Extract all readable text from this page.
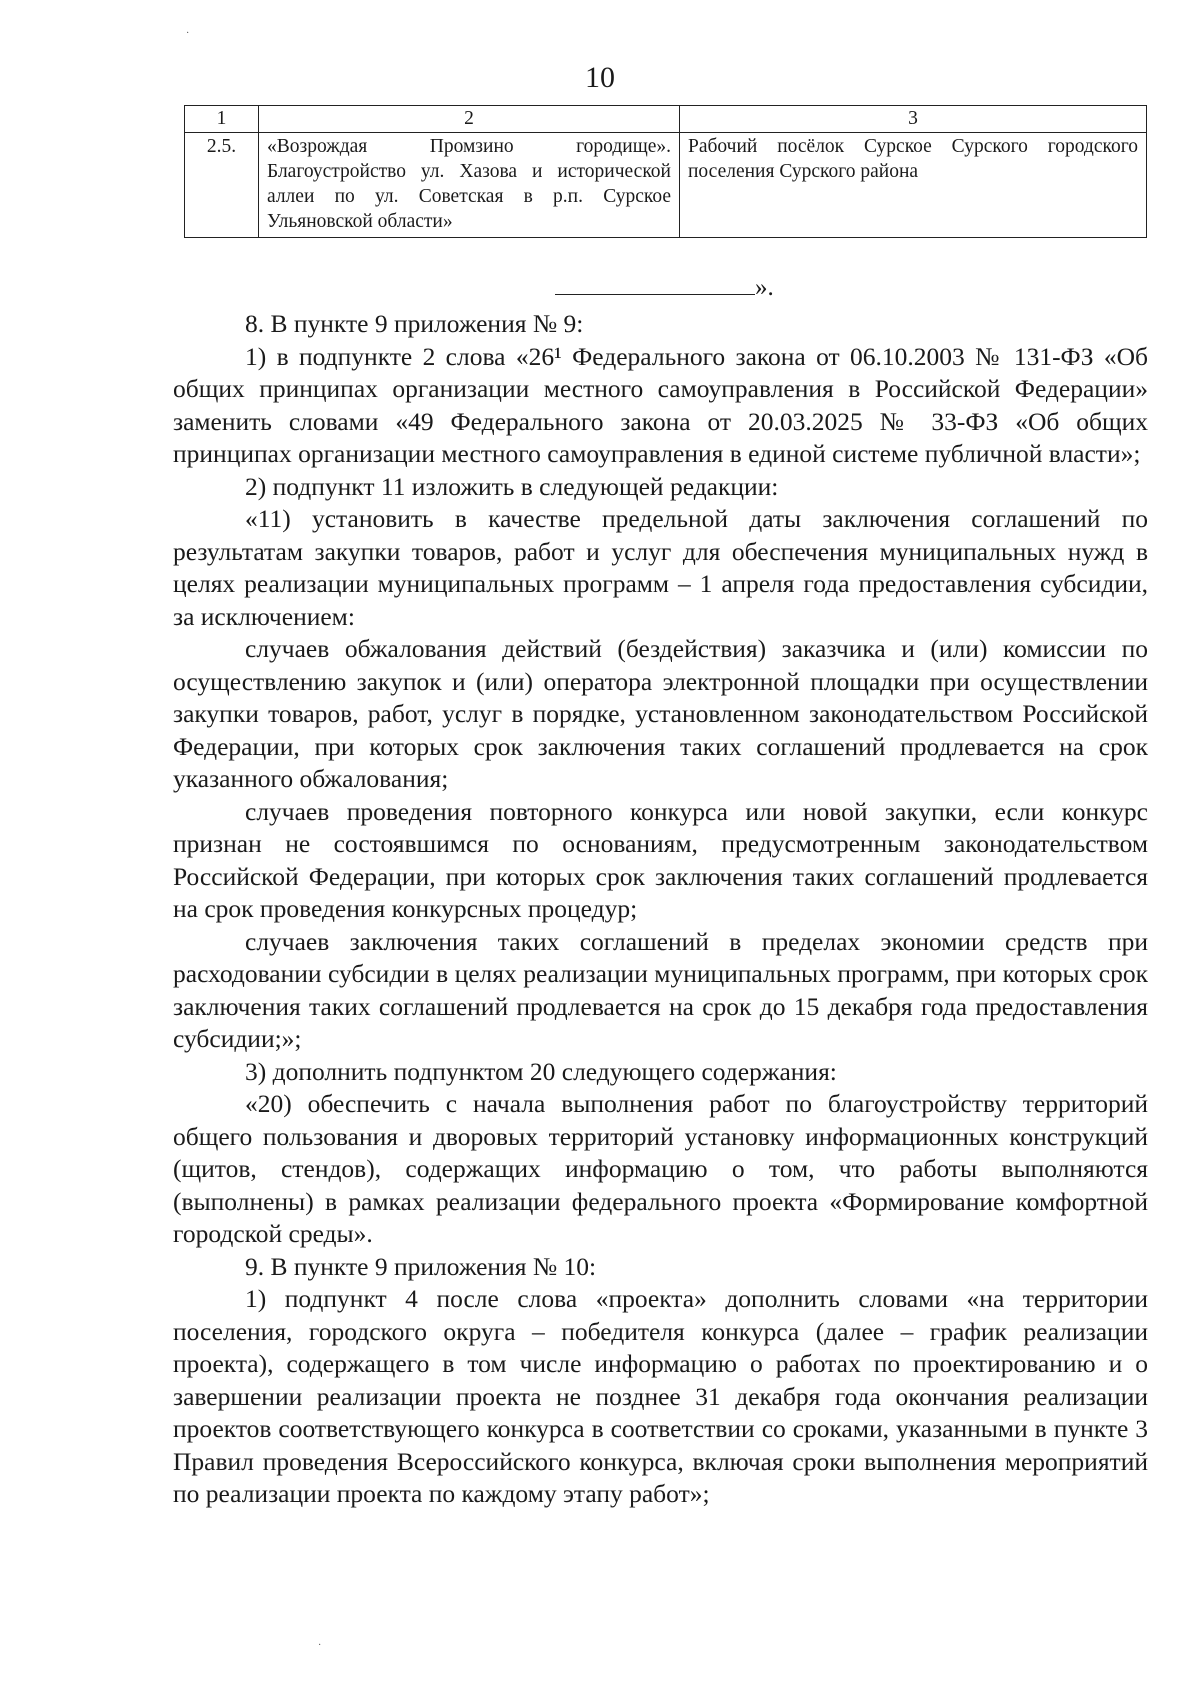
·
·
10
1	2	3
2.5.	«Возрождая Промзино городище». Благоустройство ул. Хазова и исторической аллеи по ул. Советская в р.п. Сурское Ульяновской области»	Рабочий посёлок Сурское Сурского городского поселения Сурского района
».

8. В пункте 9 приложения № 9:

1) в подпункте 2 слова «26¹ Федерального закона от 06.10.2003 № 131-ФЗ «Об общих принципах организации местного самоуправления в Российской Федерации» заменить словами «49 Федерального закона от 20.03.2025 № 33-ФЗ «Об общих принципах организации местного самоуправления в единой системе публичной власти»;

2) подпункт 11 изложить в следующей редакции:

«11) установить в качестве предельной даты заключения соглашений по результатам закупки товаров, работ и услуг для обеспечения муниципальных нужд в целях реализации муниципальных программ – 1 апреля года предоставления субсидии, за исключением:

случаев обжалования действий (бездействия) заказчика и (или) комиссии по осуществлению закупок и (или) оператора электронной площадки при осуществлении закупки товаров, работ, услуг в порядке, установленном законодательством Российской Федерации, при которых срок заключения таких соглашений продлевается на срок указанного обжалования;

случаев проведения повторного конкурса или новой закупки, если конкурс признан не состоявшимся по основаниям, предусмотренным законодательством Российской Федерации, при которых срок заключения таких соглашений продлевается на срок проведения конкурсных процедур;

случаев заключения таких соглашений в пределах экономии средств при расходовании субсидии в целях реализации муниципальных программ, при которых срок заключения таких соглашений продлевается на срок до 15 декабря года предоставления субсидии;»;

3) дополнить подпунктом 20 следующего содержания:

«20) обеспечить с начала выполнения работ по благоустройству территорий общего пользования и дворовых территорий установку информационных конструкций (щитов, стендов), содержащих информацию о том, что работы выполняются (выполнены) в рамках реализации федерального проекта «Формирование комфортной городской среды».

9. В пункте 9 приложения № 10:

1) подпункт 4 после слова «проекта» дополнить словами «на территории поселения, городского округа – победителя конкурса (далее – график реализации проекта), содержащего в том числе информацию о работах по проектированию и о завершении реализации проекта не позднее 31 декабря года окончания реализации проектов соответствующего конкурса в соответствии со сроками, указанными в пункте 3 Правил проведения Всероссийского конкурса, включая сроки выполнения мероприятий по реализации проекта по каждому этапу работ»;
